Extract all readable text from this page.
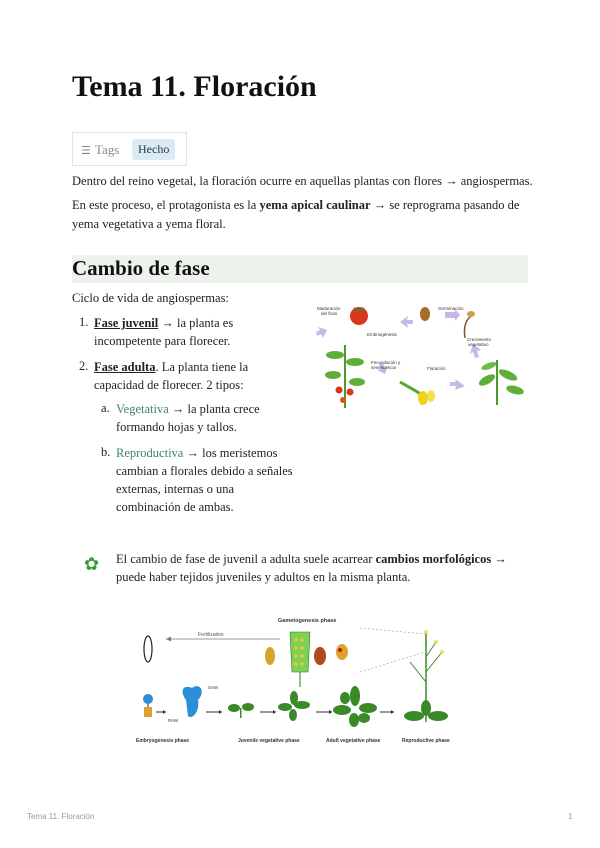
Tema 11. Floración
☰ Tags	Hecho

Dentro del reino vegetal, la floración ocurre en aquellas plantas con flores → angiospermas.

En este proceso, el protagonista es la yema apical caulinar → se reprograma pasando de
yema vegetativa a yema floral.

Cambio de fase
Ciclo de vida de angiospermas:
1. Fase juvenil → la planta es
incompetente para florecer.
2. Fase adulta. La planta tiene la
capacidad de florecer. 2 tipos:
a. Vegetativa → la planta crece
formando hojas y tallos.
b. Reproductiva → los meristemos
cambian a florales debido a señales
externas, internas o una
combinación de ambas.
Maduración
del fruto
Germinación
Embriogénesis
Crecimiento
vegetativo
Fecundación y
senescencia	Floración
✿ El cambio de fase de juvenil a adulta suele acarrear cambios morfológicos →
puede haber tejidos juveniles y adultos en la misma planta.
Fertilization
Gametogenesis phase
SAM
RAM
Embryogenesis phase	Juvenile vegetative phase	Adult vegetative phase	Reproductive phase
Tema 11. Floración	1
